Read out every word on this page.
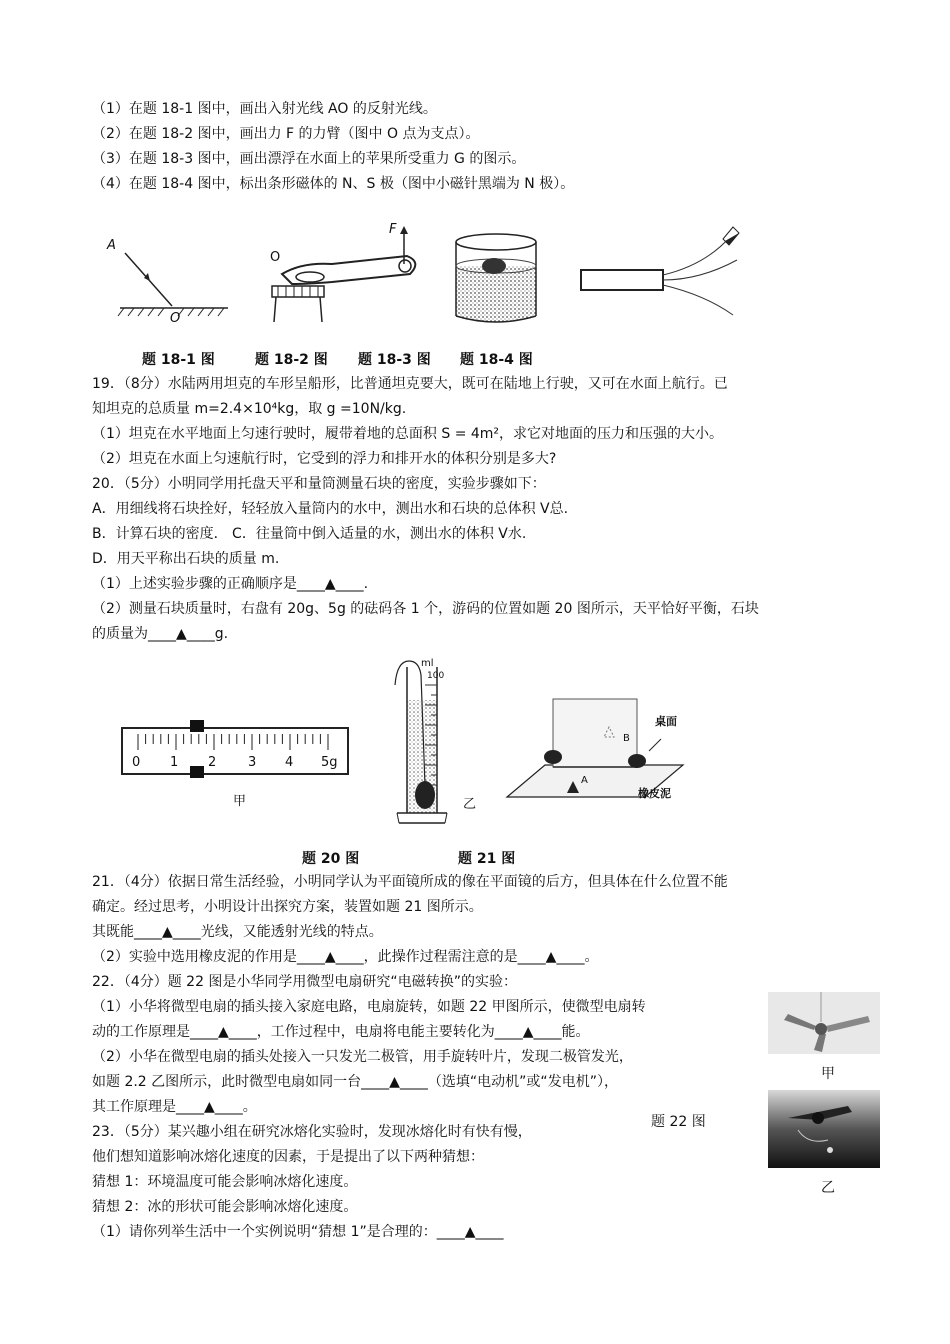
（1）在题 18-1 图中，画出入射光线 AO 的反射光线。
（2）在题 18-2 图中，画出力 F 的力臂（图中 O 点为支点）。
（3）在题 18-3 图中，画出漂浮在水面上的苹果所受重力 G 的图示。
（4）在题 18-4 图中，标出条形磁体的 N、S 极（图中小磁针黑端为 N 极）。
A
O
F
O
题 18-1 图	题 18-2 图 题 18-3 图 题 18-4 图
19．（8分）水陆两用坦克的车形呈船形，比普通坦克要大，既可在陆地上行驶，又可在水面上航行。已
知坦克的总质量 m=2.4×10⁴kg，取 g =10N/kg.
（1）坦克在水平地面上匀速行驶时，履带着地的总面积 S = 4m²，求它对地面的压力和压强的大小。
（2）坦克在水面上匀速航行时，它受到的浮力和排开水的体积分别是多大?
20．（5分）小明同学用托盘天平和量筒测量石块的密度，实验步骤如下：
A．用细线将石块拴好，轻轻放入量筒内的水中，测出水和石块的总体积 V总.
B．计算石块的密度． C．往量筒中倒入适量的水，测出水的体积 V水.
D．用天平称出石块的质量 m.
（1）上述实验步骤的正确顺序是____▲____.
（2）测量石块质量时，右盘有 20g、5g 的砝码各 1 个，游码的位置如题 20 图所示，天平恰好平衡，石块
的质量为____▲____g.
0 1 2 3 4 5g
甲
ml
100
乙
桌面
橡皮泥
A
B
题 20 图	题 21 图
21．（4分）依据日常生活经验，小明同学认为平面镜所成的像在平面镜的后方，但具体在什么位置不能
确定。经过思考，小明设计出探究方案，装置如题 21 图所示。
其既能____▲____光线，又能透射光线的特点。
（2）实验中选用橡皮泥的作用是____▲____，此操作过程需注意的是____▲____。
22．（4分）题 22 图是小华同学用微型电扇研究“电磁转换”的实验：
（1）小华将微型电扇的插头接入家庭电路，电扇旋转，如题 22 甲图所示，使微型电扇转
动的工作原理是____▲____，工作过程中，电扇将电能主要转化为____▲____能。
（2）小华在微型电扇的插头处接入一只发光二极管，用手旋转叶片，发现二极管发光，
如题 2.2 乙图所示，此时微型电扇如同一台____▲____（选填“电动机”或“发电机”），
其工作原理是____▲____。
甲
题 22 图
乙
23．（5分）某兴趣小组在研究冰熔化实验时，发现冰熔化时有快有慢，
他们想知道影响冰熔化速度的因素，于是提出了以下两种猜想：
猜想 1：环境温度可能会影响冰熔化速度。
猜想 2：冰的形状可能会影响冰熔化速度。
（1）请你列举生活中一个实例说明“猜想 1”是合理的：____▲____
